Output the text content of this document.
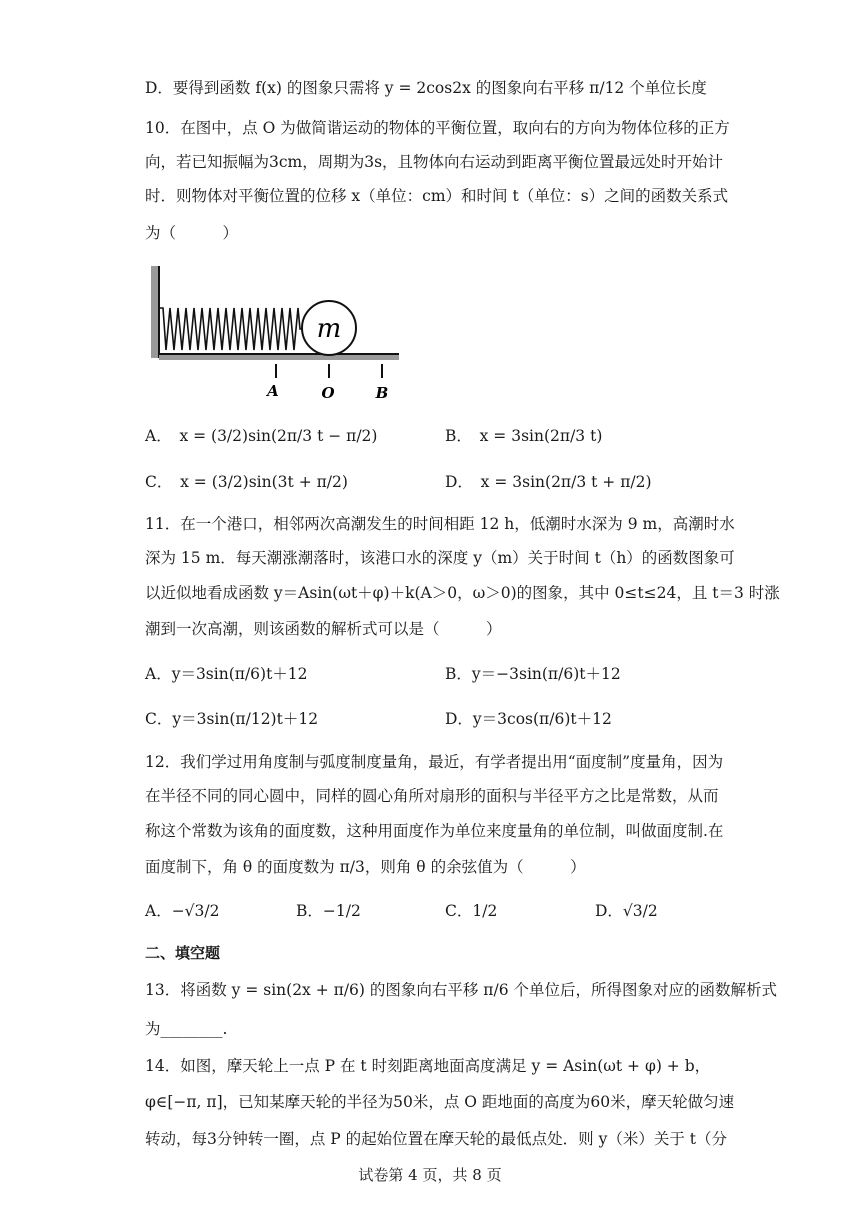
D．要得到函数 f(x) 的图象只需将 y = 2cos2x 的图象向右平移 π/12 个单位长度
10．在图中，点 O 为做简谐运动的物体的平衡位置，取向右的方向为物体位移的正方
向，若已知振幅为3cm，周期为3s，且物体向右运动到距离平衡位置最远处时开始计
时．则物体对平衡位置的位移 x（单位：cm）和时间 t（单位：s）之间的函数关系式
为（　　　）
m
A	O	B
A．　x = (3/2)sin(2π/3 t − π/2)	B．　x = 3sin(2π/3 t)
C．　x = (3/2)sin(3t + π/2)	D．　x = 3sin(2π/3 t + π/2)
11．在一个港口，相邻两次高潮发生的时间相距 12 h，低潮时水深为 9 m，高潮时水
深为 15 m．每天潮涨潮落时，该港口水的深度 y（m）关于时间 t（h）的函数图象可
以近似地看成函数 y＝Asin(ωt＋φ)＋k(A＞0，ω＞0)的图象，其中 0≤t≤24，且 t＝3 时涨
潮到一次高潮，则该函数的解析式可以是（　　　）
A．y＝3sin(π/6)t＋12	B．y＝−3sin(π/6)t＋12
C．y＝3sin(π/12)t＋12	D．y＝3cos(π/6)t＋12
12．我们学过用角度制与弧度制度量角，最近，有学者提出用“面度制”度量角，因为
在半径不同的同心圆中，同样的圆心角所对扇形的面积与半径平方之比是常数，从而
称这个常数为该角的面度数，这种用面度作为单位来度量角的单位制，叫做面度制.在
面度制下，角 θ 的面度数为 π/3，则角 θ 的余弦值为（　　　）
A．−√3/2	B．−1/2	C．1/2	D．√3/2
二、填空题
13．将函数 y = sin(2x + π/6) 的图象向右平移 π/6 个单位后，所得图象对应的函数解析式
为________.
14．如图，摩天轮上一点 P 在 t 时刻距离地面高度满足 y = Asin(ωt + φ) + b，
φ∈[−π, π]，已知某摩天轮的半径为50米，点 O 距地面的高度为60米，摩天轮做匀速
转动，每3分钟转一圈，点 P 的起始位置在摩天轮的最低点处．则 y（米）关于 t（分
试卷第 4 页，共 8 页
